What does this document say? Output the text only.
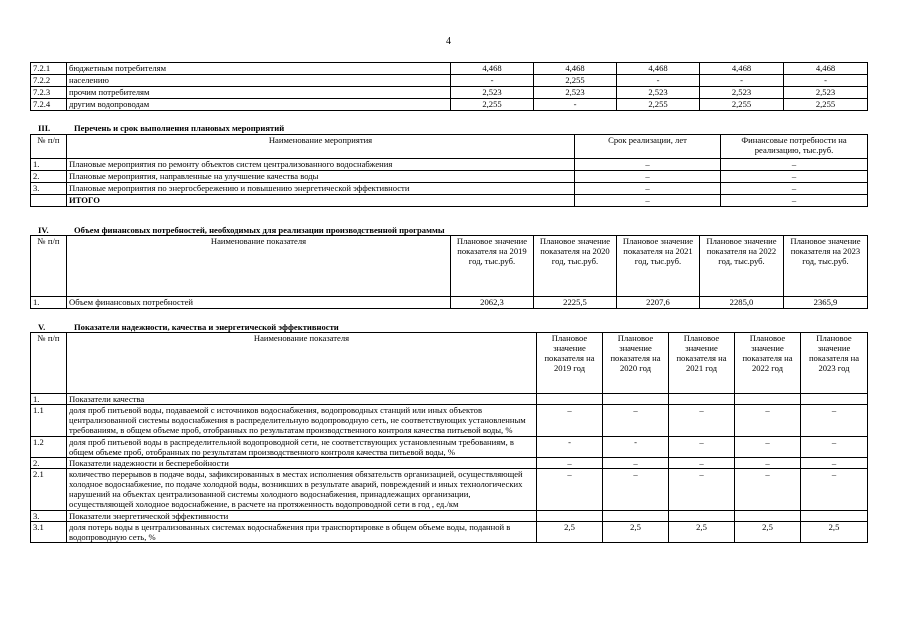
4
7.2.1	бюджетным потребителям	4,468	4,468	4,468	4,468	4,468
7.2.2	населению	-	2,255	-	-	-
7.2.3	прочим потребителям	2,523	2,523	2,523	2,523	2,523
7.2.4	другим водопроводам	2,255	-	2,255	2,255	2,255
III.	Перечень и срок выполнения плановых мероприятий
№ п/п	Наименование мероприятия	Срок реализации, лет	Финансовые потребности на реализацию, тыс.руб.
1.	Плановые мероприятия по ремонту объектов систем централизованного водоснабжения	–	–
2.	Плановые мероприятия, направленные на улучшение качества воды	–	–
3.	Плановые мероприятия по энергосбережению и повышению энергетической эффективности	–	–
	ИТОГО	–	–
IV.	Объем финансовых потребностей, необходимых для реализации производственной программы
№ п/п	Наименование показателя	Плановое значение показателя на 2019 год, тыс.руб.	Плановое значение показателя на 2020 год, тыс.руб.	Плановое значение показателя на 2021 год, тыс.руб.	Плановое значение показателя на 2022 год, тыс.руб.	Плановое значение показателя на 2023 год, тыс.руб.
1.	Объем финансовых потребностей	2062,3	2225,5	2207,6	2285,0	2365,9
V.	Показатели надежности, качества и энергетической эффективности
№ п/п	Наименование показателя	Плановое значение показателя на 2019 год	Плановое значение показателя на 2020 год	Плановое значение показателя на 2021 год	Плановое значение показателя на 2022 год	Плановое значение показателя на 2023 год
1.	Показатели качества					
1.1	доля проб питьевой воды, подаваемой с источников водоснабжения, водопроводных станций или иных объектов централизованной системы водоснабжения в распределительную водопроводную сеть, не соответствующих установленным требованиям, в общем объеме проб, отобранных по результатам производственного контроля качества питьевой воды, %	–	–	–	–	–
1.2	доля проб питьевой воды в распределительной водопроводной сети, не соответствующих установленным требованиям, в общем объеме проб, отобранных по результатам производственного контроля качества питьевой воды, %	-	-	–	–	–
2.	Показатели надежности и бесперебойности	–	–	–	–	–
2.1	количество перерывов в подаче воды, зафиксированных в местах исполнения обязательств организацией, осуществляющей холодное водоснабжение, по подаче холодной воды, возникших в результате аварий, повреждений и иных технологических нарушений на объектах централизованной системы холодного водоснабжения, принадлежащих организации, осуществляющей холодное водоснабжение, в расчете на протяженность водопроводной сети в год , ед./км	–	–	–	–	–
3.	Показатели энергетической эффективности					
3.1	доля потерь воды в централизованных системах водоснабжения при транспортировке в общем объеме воды, поданной в водопроводную сеть, %	2,5	2,5	2,5	2,5	2,5
